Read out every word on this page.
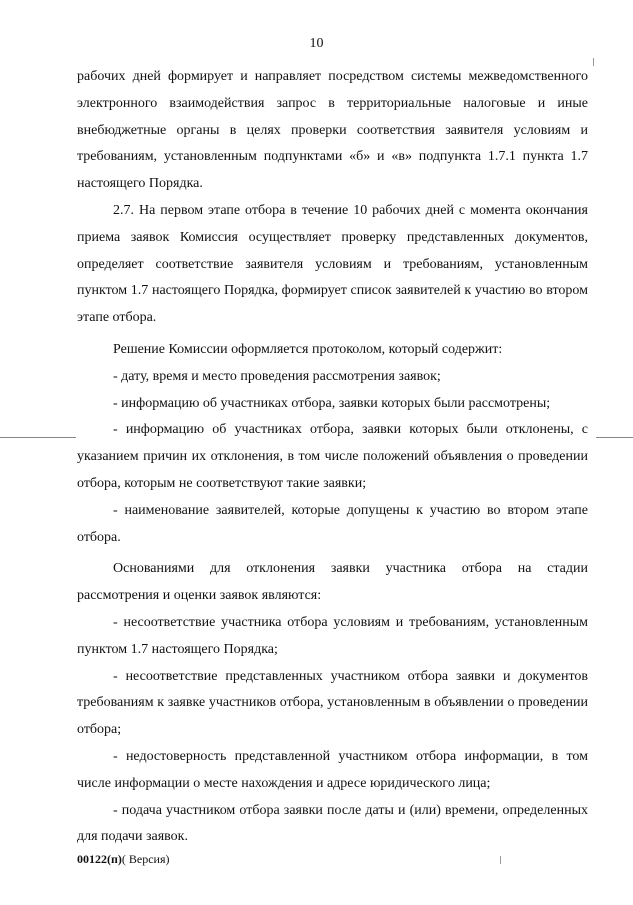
10

рабочих дней формирует и направляет посредством системы межведомственного электронного взаимодействия запрос в территориальные налоговые и иные внебюджетные органы в целях проверки соответствия заявителя условиям и требованиям, установленным подпунктами «б» и «в» подпункта 1.7.1 пункта 1.7 настоящего Порядка.

2.7. На первом этапе отбора в течение 10 рабочих дней с момента окончания приема заявок Комиссия осуществляет проверку представленных документов, определяет соответствие заявителя условиям и требованиям, установленным пунктом 1.7 настоящего Порядка, формирует список заявителей к участию во втором этапе отбора.

Решение Комиссии оформляется протоколом, который содержит:

- дату, время и место проведения рассмотрения заявок;

- информацию об участниках отбора, заявки которых были рассмотрены;

- информацию об участниках отбора, заявки которых были отклонены, с указанием причин их отклонения, в том числе положений объявления о проведении отбора, которым не соответствуют такие заявки;

- наименование заявителей, которые допущены к участию во втором этапе отбора.

Основаниями для отклонения заявки участника отбора на стадии рассмотрения и оценки заявок являются:

- несоответствие участника отбора условиям и требованиям, установленным пунктом 1.7 настоящего Порядка;

- несоответствие представленных участником отбора заявки и документов требованиям к заявке участников отбора, установленным в объявлении о проведении отбора;

- недостоверность представленной участником отбора информации, в том числе информации о месте нахождения и адресе юридического лица;

- подача участником отбора заявки после даты и (или) времени, определенных для подачи заявок.

00122(п)( Версия)
